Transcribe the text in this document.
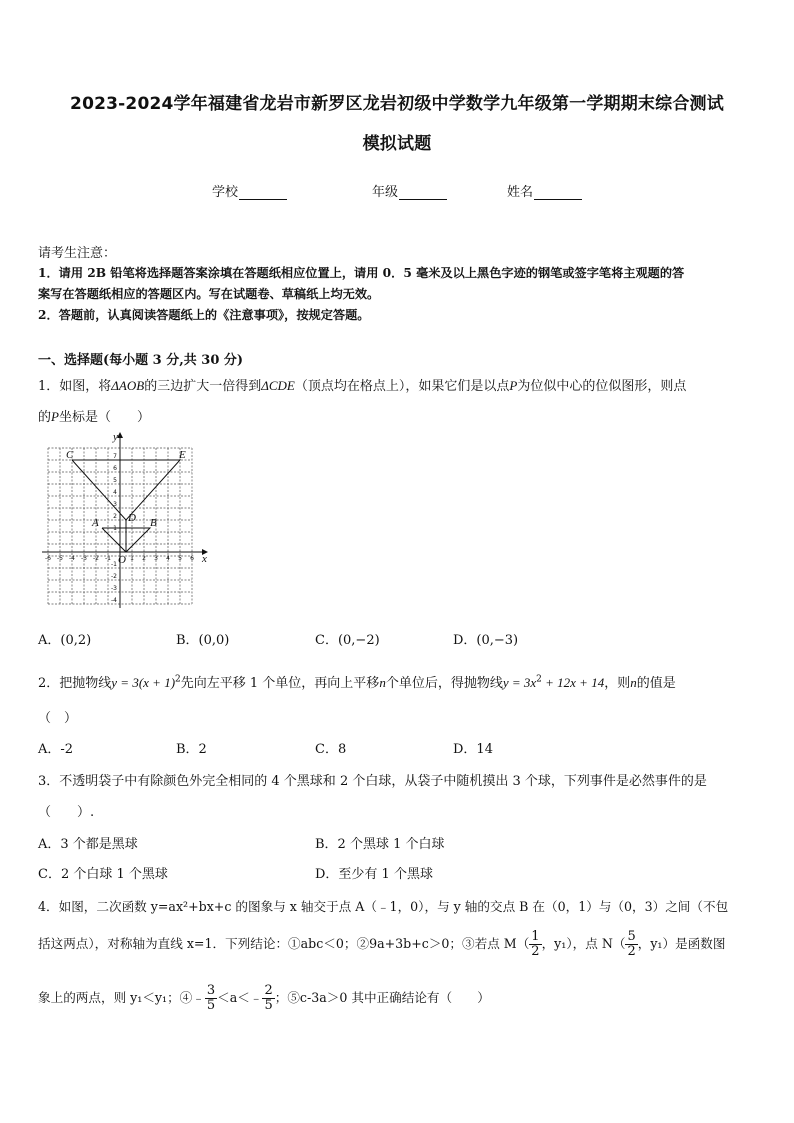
2023-2024学年福建省龙岩市新罗区龙岩初级中学数学九年级第一学期期末综合测试
模拟试题
学校	年级	姓名
请考生注意：
1．请用 2B 铅笔将选择题答案涂填在答题纸相应位置上，请用 0．5 毫米及以上黑色字迹的钢笔或签字笔将主观题的答
案写在答题纸相应的答题区内。写在试题卷、草稿纸上均无效。
2．答题前，认真阅读答题纸上的《注意事项》，按规定答题。
一、选择题(每小题 3 分,共 30 分)
1．如图，将ΔAOB的三边扩大一倍得到ΔCDE（顶点均在格点上），如果它们是以点P为位似中心的位似图形，则点
的P坐标是（　　）
C	E
D
A	B
O	x
y
-6 -5 -4 -3 -2 -1	1 2 3 4 5 6
7
6
5
4
3
2
1
-1
-2
-3
-4
A．(0,2)	B．(0,0)	C．(0,−2)	D．(0,−3)
2．把抛物线$y = 3(x + 1)^2$先向左平移 1 个单位，再向上平移n个单位后，得抛物线$y = 3x^2 + 12x + 14$，则n的值是
（　）
A．-2	B．2	C．8	D．14
3．不透明袋子中有除颜色外完全相同的 4 个黑球和 2 个白球，从袋子中随机摸出 3 个球，下列事件是必然事件的是
（　　）.
A．3 个都是黑球	B．2 个黑球 1 个白球
C．2 个白球 1 个黑球	D．至少有 1 个黑球
4．如图，二次函数 y=ax²+bx+c 的图象与 x 轴交于点 A（﹣1，0），与 y 轴的交点 B 在（0，1）与（0，3）之间（不包
括这两点），对称轴为直线 x=1．下列结论：①abc＜0；②9a+3b+c＞0；③若点 $M( \frac{1}{2}$ ，y₁），点 $N( \frac{5}{2}$ ，y₁）是函数图
象上的两点，则 y₁＜y₁；④﹣ $\frac{3}{5}$ ＜a＜﹣ $\frac{2}{5}$ ；⑤c-3a＞0 其中正确结论有（　　）
